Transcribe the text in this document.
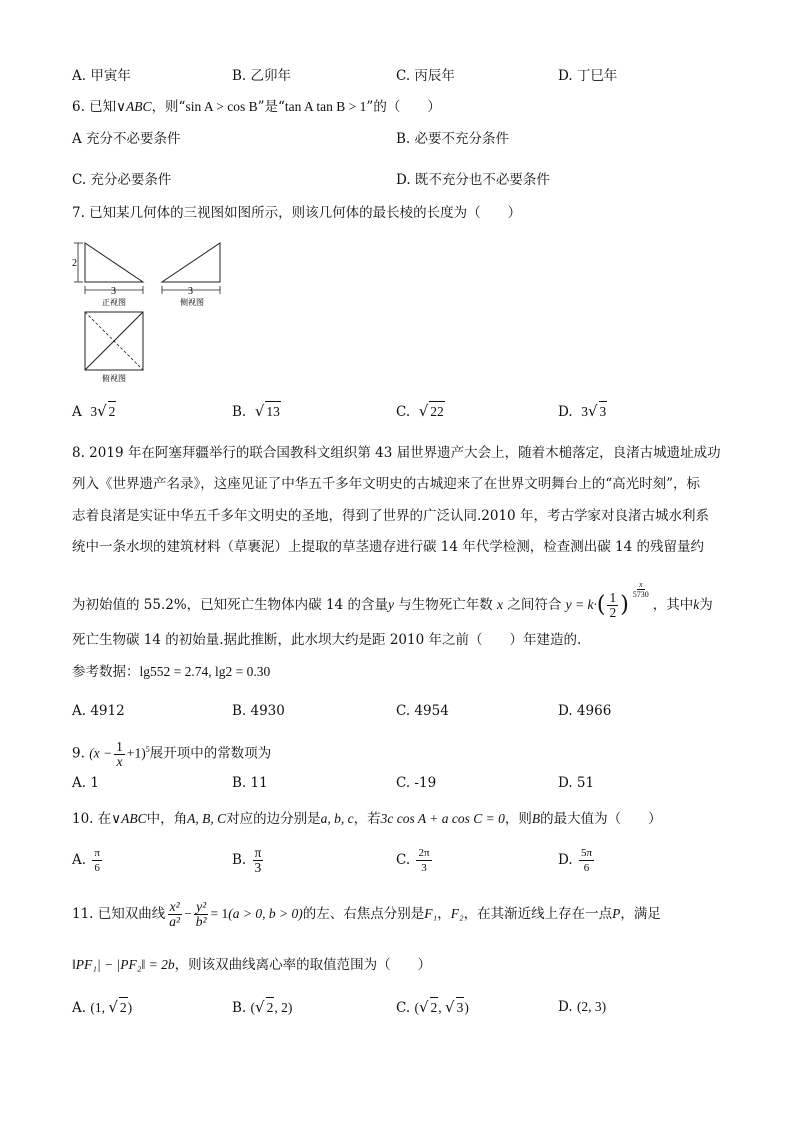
A. 甲寅年	B. 乙卯年	C. 丙辰年	D. 丁巳年
6. 已知∨ABC，则“sin A > cos B”是“tan A tan B > 1”的（　　）
A 充分不必要条件	B. 必要不充分条件
C. 充分必要条件	D. 既不充分也不必要条件
7. 已知某几何体的三视图如图所示，则该几何体的最长棱的长度为（　　）
2
3
正视图
3
侧视图
俯视图
A 3√ 2	B. √ 13	C. √ 22	D. 3√ 3
8. 2019 年在阿塞拜疆举行的联合国教科文组织第 43 届世界遗产大会上，随着木槌落定，良渚古城遗址成功
列入《世界遗产名录》，这座见证了中华五千多年文明史的古城迎来了在世界文明舞台上的“高光时刻”，标
志着良渚是实证中华五千多年文明史的圣地，得到了世界的广泛认同.2010 年，考古学家对良渚古城水利系
统中一条水坝的建筑材料（草裹泥）上提取的草茎遗存进行碳 14 年代学检测，检查测出碳 14 的残留量约
为初始值的 55.2%，已知死亡生物体内碳 14 的含量y 与生物死亡年数 x 之间符合 $y = k\cdot( \frac{1}{2}$ )
$\frac{x}{5730}$
，其中k为
死亡生物碳 14 的初始量.据此推断，此水坝大约是距 2010 年之前（　　）年建造的.
参考数据：lg552 = 2.74, lg2 = 0.30
A. 4912	B. 4930	C. 4954	D. 4966
9. $(x - \frac{1}{x} +1)^5$展开项中的常数项为
A. 1	B. 11	C. -19	D. 51
10. 在∨ABC中，角A, B, C对应的边分别是a, b, c，若3c cos A + a cos C = 0，则B的最大值为（　　）
A. $\frac{\pi}{6}$	B. $\frac{\pi}{3}$	C. $\frac{2\pi}{3}$	D. $\frac{5\pi}{6}$
11. 已知双曲线 $\frac{\text{x²}}{\text{a²}} - \frac{\text{y²}}{\text{b²}} = 1(a > 0$, b > 0)的左、右焦点分别是F₁，F₂，在其渐近线上存在一点P，满足
‖PF₁| − |PF₂‖ = 2b，则该双曲线离心率的取值范围为（　　）
A. (1, √ 2)	B. (√ 2, 2)	C. (√ 2, √ 3)	D. (2, 3)
